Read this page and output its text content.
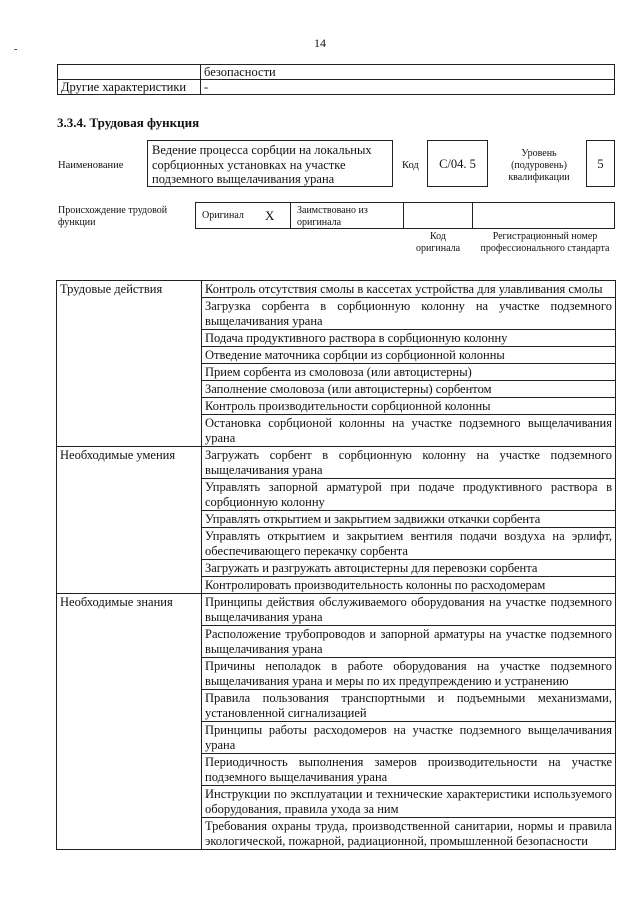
-	14
	безопасности
Другие характеристики	-
3.3.4. Трудовая функция
Наименование
Ведение процесса сорбции на локальных сорбционных установках на участке подземного выщелачивания урана
Код	С/04. 5
Уровень (подуровень) квалификации
5
Происхождение трудовой функции
Оригинал X Заимствовано из оригинала
Код оригинала
Регистрационный номер профессионального стандарта
Трудовые действия	Контроль отсутствия смолы в кассетах устройства для улавливания смолы
	Загрузка сорбента в сорбционную колонну на участке подземного выщелачивания урана
	Подача продуктивного раствора в сорбционную колонну
	Отведение маточника сорбции из сорбционной колонны
	Прием сорбента из смоловоза (или автоцистерны)
	Заполнение смоловоза (или автоцистерны) сорбентом
	Контроль производительности сорбционной колонны
	Остановка сорбционой колонны на участке подземного выщелачивания урана
Необходимые умения	Загружать сорбент в сорбционную колонну на участке подземного выщелачивания урана
	Управлять запорной арматурой при подаче продуктивного раствора в сорбционную колонну
	Управлять открытием и закрытием задвижки откачки сорбента
	Управлять открытием и закрытием вентиля подачи воздуха на эрлифт, обеспечивающего перекачку сорбента
	Загружать и разгружать автоцистерны для перевозки сорбента
	Контролировать производительность колонны по расходомерам
Необходимые знания	Принципы действия обслуживаемого оборудования на участке подземного выщелачивания урана
	Расположение трубопроводов и запорной арматуры на участке подземного выщелачивания урана
	Причины неполадок в работе оборудования на участке подземного выщелачивания урана и меры по их предупреждению и устранению
	Правила пользования транспортными и подъемными механизмами, установленной сигнализацией
	Принципы работы расходомеров на участке подземного выщелачивания урана
	Периодичность выполнения замеров производительности на участке подземного выщелачивания урана
	Инструкции по эксплуатации и технические характеристики используемого оборудования, правила ухода за ним
	Требования охраны труда, производственной санитарии, нормы и правила экологической, пожарной, радиационной, промышленной безопасности
